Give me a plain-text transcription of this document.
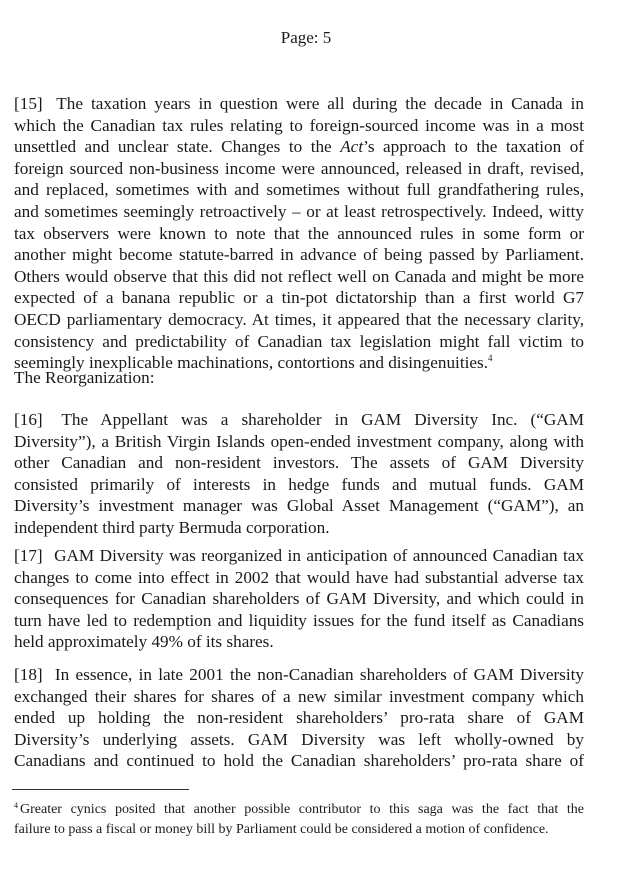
Page: 5
[15] The taxation years in question were all during the decade in Canada in
which the Canadian tax rules relating to foreign-sourced income was in a most
unsettled and unclear state. Changes to the Act’s approach to the taxation of
foreign sourced non-business income were announced, released in draft, revised,
and replaced, sometimes with and sometimes without full grandfathering rules,
and sometimes seemingly retroactively – or at least retrospectively. Indeed, witty
tax observers were known to note that the announced rules in some form or
another might become statute-barred in advance of being passed by Parliament.
Others would observe that this did not reflect well on Canada and might be more
expected of a banana republic or a tin-pot dictatorship than a first world G7
OECD parliamentary democracy. At times, it appeared that the necessary clarity,
consistency and predictability of Canadian tax legislation might fall victim to
seemingly inexplicable machinations, contortions and disingenuities.$^4$
The Reorganization:
[16] The Appellant was a shareholder in GAM Diversity Inc. (“GAM
Diversity”), a British Virgin Islands open-ended investment company, along with
other Canadian and non-resident investors. The assets of GAM Diversity
consisted primarily of interests in hedge funds and mutual funds. GAM
Diversity’s investment manager was Global Asset Management (“GAM”), an
independent third party Bermuda corporation.
[17] GAM Diversity was reorganized in anticipation of announced Canadian tax
changes to come into effect in 2002 that would have had substantial adverse tax
consequences for Canadian shareholders of GAM Diversity, and which could in
turn have led to redemption and liquidity issues for the fund itself as Canadians
held approximately 49% of its shares.
[18] In essence, in late 2001 the non-Canadian shareholders of GAM Diversity
exchanged their shares for shares of a new similar investment company which
ended up holding the non-resident shareholders’ pro-rata share of GAM
Diversity’s underlying assets. GAM Diversity was left wholly-owned by
Canadians and continued to hold the Canadian shareholders’ pro-rata share of
$^4$ Greater cynics posited that another possible contributor to this saga was the fact that the
failure to pass a fiscal or money bill by Parliament could be considered a motion of confidence.
